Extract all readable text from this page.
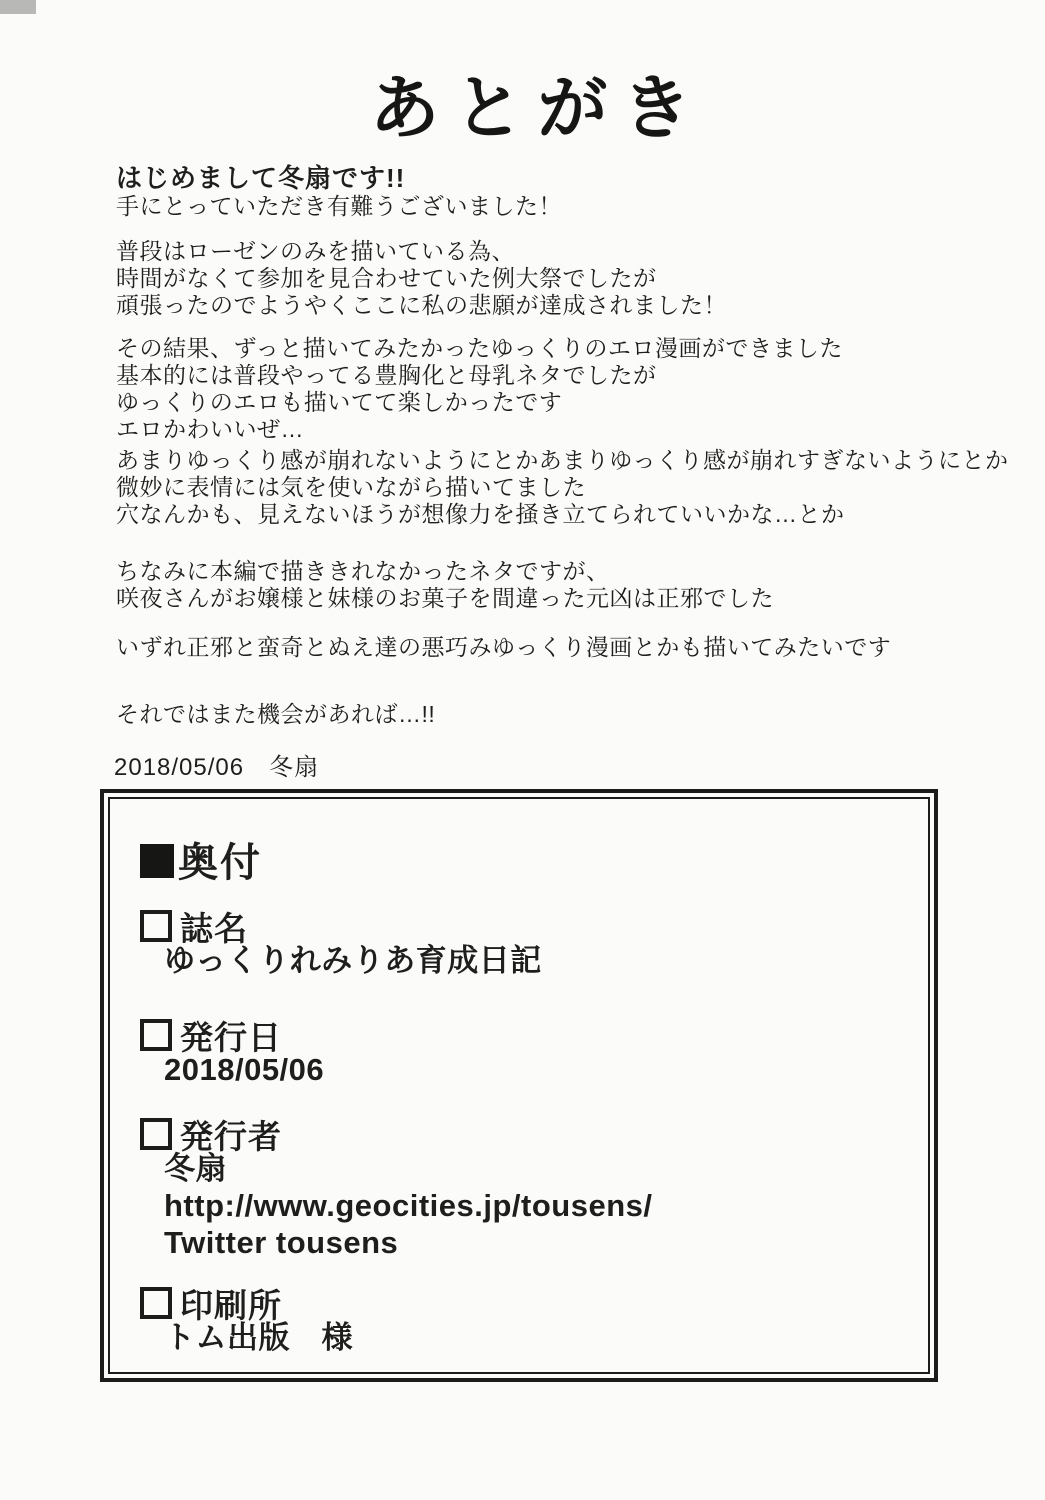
あとがき
はじめまして冬扇です!!
手にとっていただき有難うございました！
普段はローゼンのみを描いている為、
時間がなくて参加を見合わせていた例大祭でしたが
頑張ったのでようやくここに私の悲願が達成されました！
その結果、ずっと描いてみたかったゆっくりのエロ漫画ができました
基本的には普段やってる豊胸化と母乳ネタでしたが
ゆっくりのエロも描いてて楽しかったです
エロかわいいぜ…
あまりゆっくり感が崩れないようにとかあまりゆっくり感が崩れすぎないようにとか
微妙に表情には気を使いながら描いてました
穴なんかも、見えないほうが想像力を掻き立てられていいかな…とか
ちなみに本編で描ききれなかったネタですが、
咲夜さんがお嬢様と妹様のお菓子を間違った元凶は正邪でした
いずれ正邪と蛮奇とぬえ達の悪巧みゆっくり漫画とかも描いてみたいです
それではまた機会があれば…!!
2018/05/06　冬扇
奥付
誌名
ゆっくりれみりあ育成日記
発行日
2018/05/06
発行者
冬扇
http://www.geocities.jp/tousens/
Twitter tousens
印刷所
トム出版　様
